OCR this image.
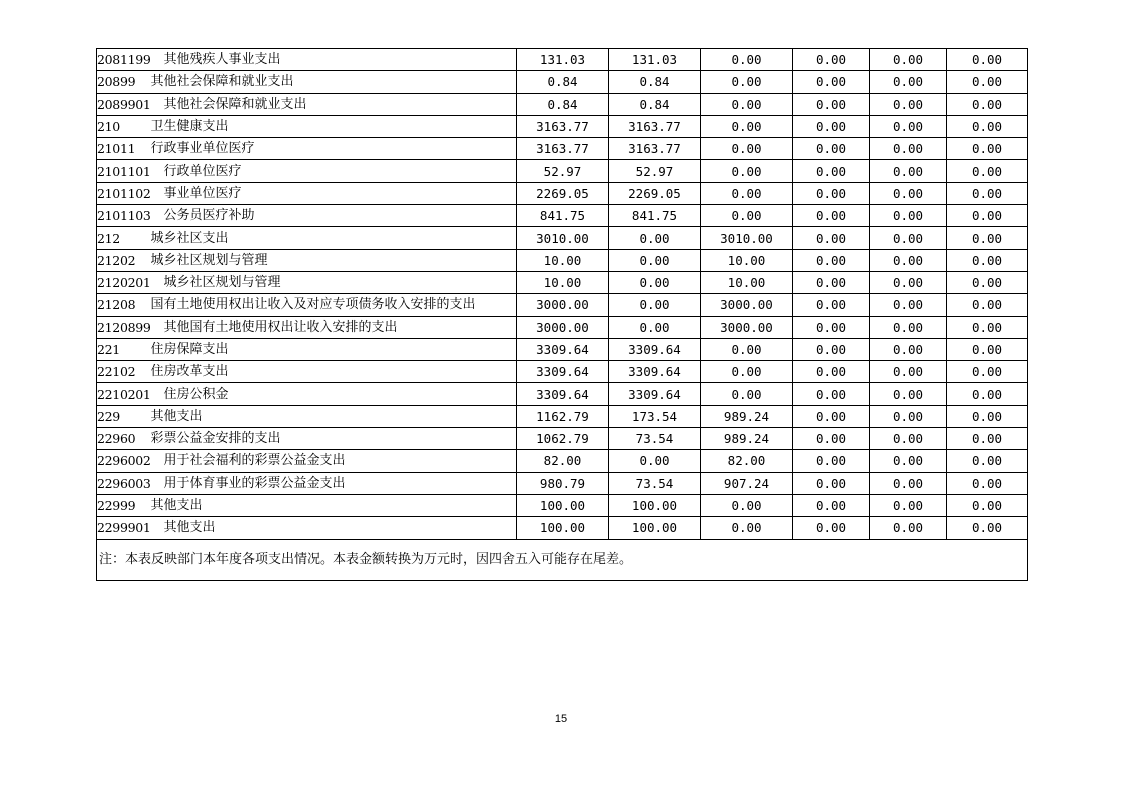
2081199	其他残疾人事业支出	131.03	131.03	0.00	0.00	0.00	0.00
20899	其他社会保障和就业支出	0.84	0.84	0.00	0.00	0.00	0.00
2089901	其他社会保障和就业支出	0.84	0.84	0.00	0.00	0.00	0.00
210	卫生健康支出	3163.77	3163.77	0.00	0.00	0.00	0.00
21011	行政事业单位医疗	3163.77	3163.77	0.00	0.00	0.00	0.00
2101101	行政单位医疗	52.97	52.97	0.00	0.00	0.00	0.00
2101102	事业单位医疗	2269.05	2269.05	0.00	0.00	0.00	0.00
2101103	公务员医疗补助	841.75	841.75	0.00	0.00	0.00	0.00
212	城乡社区支出	3010.00	0.00	3010.00	0.00	0.00	0.00
21202	城乡社区规划与管理	10.00	0.00	10.00	0.00	0.00	0.00
2120201	城乡社区规划与管理	10.00	0.00	10.00	0.00	0.00	0.00
21208	国有土地使用权出让收入及对应专项债务收入安排的支出	3000.00	0.00	3000.00	0.00	0.00	0.00
2120899	其他国有土地使用权出让收入安排的支出	3000.00	0.00	3000.00	0.00	0.00	0.00
221	住房保障支出	3309.64	3309.64	0.00	0.00	0.00	0.00
22102	住房改革支出	3309.64	3309.64	0.00	0.00	0.00	0.00
2210201	住房公积金	3309.64	3309.64	0.00	0.00	0.00	0.00
229	其他支出	1162.79	173.54	989.24	0.00	0.00	0.00
22960	彩票公益金安排的支出	1062.79	73.54	989.24	0.00	0.00	0.00
2296002	用于社会福利的彩票公益金支出	82.00	0.00	82.00	0.00	0.00	0.00
2296003	用于体育事业的彩票公益金支出	980.79	73.54	907.24	0.00	0.00	0.00
22999	其他支出	100.00	100.00	0.00	0.00	0.00	0.00
2299901	其他支出	100.00	100.00	0.00	0.00	0.00	0.00
注：本表反映部门本年度各项支出情况。本表金额转换为万元时，因四舍五入可能存在尾差。							
15
